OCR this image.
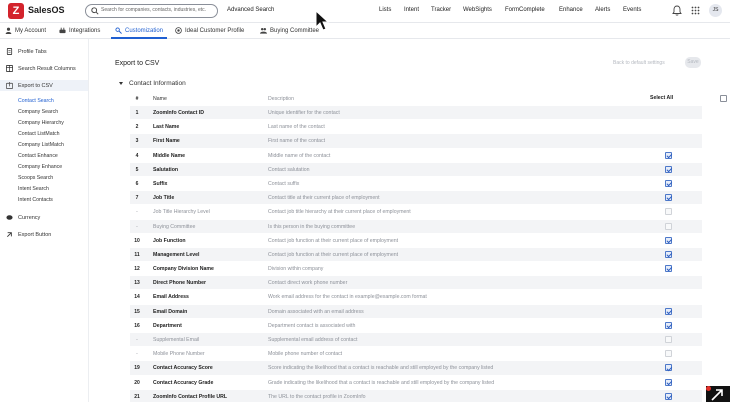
Z SalesOS	Search for companies, contacts, industries, etc.	Advanced Search	Lists Intent Tracker WebSights FormComplete Enhance Alerts Events	JS
My Account	Integrations	Customization	Ideal Customer Profile	Buying Committee
Profile Tabs
Search Result Columns
Export to CSV
Contact Search
Company Search
Company Hierarchy
Contact ListMatch
Company ListMatch
Contact Enhance
Company Enhance
Scoops Search
Intent Search
Intent Contacts
Currency
Export Button
Export to CSV	Back to default settings	Save
Contact Information
#	Name	Description	Select All
1	ZoomInfo Contact ID	Unique identifier for the contact
2	Last Name	Last name of the contact
3	First Name	First name of the contact
4	Middle Name	Middle name of the contact
5	Salutation	Contact salutation
6	Suffix	Contact suffix
7	Job Title	Contact title at their current place of employment
-	Job Title Hierarchy Level	Contact job title hierarchy at their current place of employment
-	Buying Committee	Is this person in the buying committee
10	Job Function	Contact job function at their current place of employment
11	Management Level	Contact job function at their current place of employment
12	Company Division Name	Division within company
13	Direct Phone Number	Contact direct work phone number
14	Email Address	Work email address for the contact in example@example.com format
15	Email Domain	Domain associated with an email address
16	Department	Department contact is associated with
-	Supplemental Email	Supplemental email address of contact
-	Mobile Phone Number	Mobile phone number of contact
19	Contact Accuracy Score	Score indicating the likelihood that a contact is reachable and still employed by the company listed
20	Contact Accuracy Grade	Grade indicating the likelihood that a contact is reachable and still employed by the company listed
21	ZoomInfo Contact Profile URL	The URL to the contact profile in ZoomInfo
